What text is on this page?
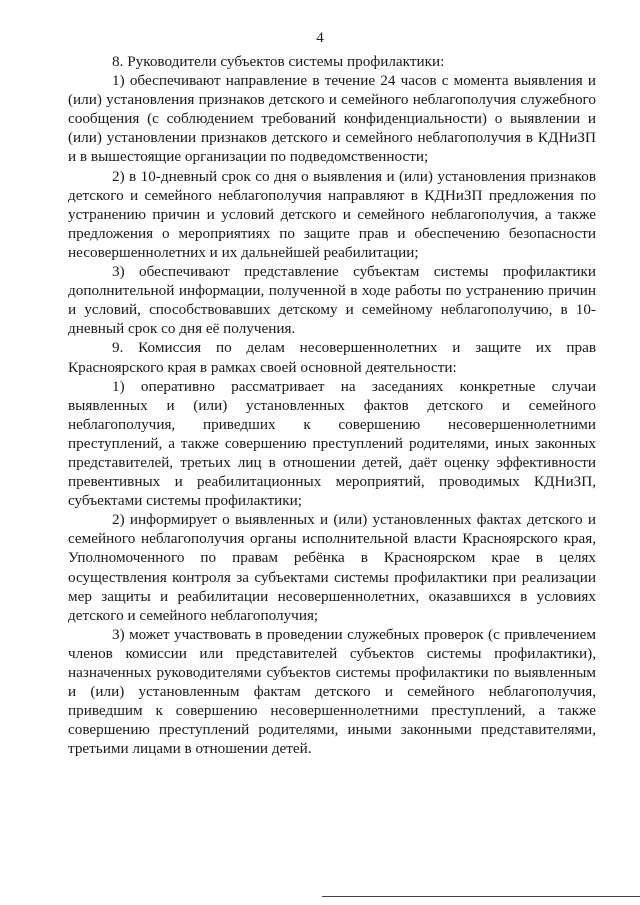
4

8. Руководители субъектов системы профилактики:

1) обеспечивают направление в течение 24 часов с момента выявления и (или) установления признаков детского и семейного неблагополучия служебного сообщения (с соблюдением требований конфиденциальности) о выявлении и (или) установлении признаков детского и семейного неблагополучия в КДНиЗП и в вышестоящие организации по подведомственности;

2) в 10-дневный срок со дня о выявления и (или) установления признаков детского и семейного неблагополучия направляют в КДНиЗП предложения по устранению причин и условий детского и семейного неблагополучия, а также предложения о мероприятиях по защите прав и обеспечению безопасности несовершеннолетних и их дальнейшей реабилитации;

3) обеспечивают представление субъектам системы профилактики дополнительной информации, полученной в ходе работы по устранению причин и условий, способствовавших детскому и семейному неблагополучию, в 10-дневный срок со дня её получения.

9. Комиссия по делам несовершеннолетних и защите их прав Красноярского края в рамках своей основной деятельности:

1) оперативно рассматривает на заседаниях конкретные случаи выявленных и (или) установленных фактов детского и семейного неблагополучия, приведших к совершению несовершеннолетними преступлений, а также совершению преступлений родителями, иных законных представителей, третьих лиц в отношении детей, даёт оценку эффективности превентивных и реабилитационных мероприятий, проводимых КДНиЗП, субъектами системы профилактики;

2) информирует о выявленных и (или) установленных фактах детского и семейного неблагополучия органы исполнительной власти Красноярского края, Уполномоченного по правам ребёнка в Красноярском крае в целях осуществления контроля за субъектами системы профилактики при реализации мер защиты и реабилитации несовершеннолетних, оказавшихся в условиях детского и семейного неблагополучия;

3) может участвовать в проведении служебных проверок (с привлечением членов комиссии или представителей субъектов системы профилактики), назначенных руководителями субъектов системы профилактики по выявленным и (или) установленным фактам детского и семейного неблагополучия, приведшим к совершению несовершеннолетними преступлений, а также совершению преступлений родителями, иными законными представителями, третьими лицами в отношении детей.
